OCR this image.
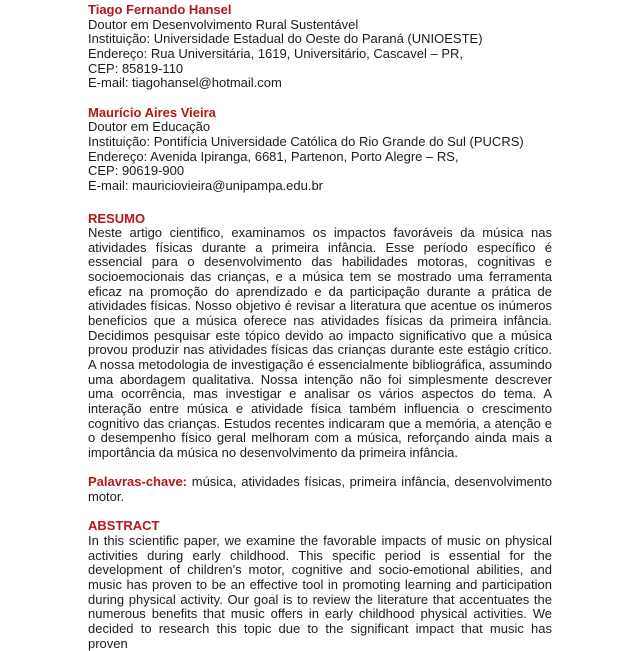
Tiago Fernando Hansel
Doutor em Desenvolvimento Rural Sustentável
Instituição: Universidade Estadual do Oeste do Paraná (UNIOESTE)
Endereço: Rua Universitária, 1619, Universitário, Cascavel – PR,
CEP: 85819-110
E-mail: tiagohansel@hotmail.com
Maurício Aires Vieira
Doutor em Educação
Instituição: Pontifícia Universidade Católica do Rio Grande do Sul (PUCRS)
Endereço: Avenida Ipiranga, 6681, Partenon, Porto Alegre – RS,
CEP: 90619-900
E-mail: mauriciovieira@unipampa.edu.br
RESUMO
Neste artigo cientifico, examinamos os impactos favoráveis da música nas
atividades físicas durante a primeira infância. Esse período específico é
essencial para o desenvolvimento das habilidades motoras, cognitivas e
socioemocionais das crianças, e a música tem se mostrado uma ferramenta
eficaz na promoção do aprendizado e da participação durante a prática de
atividades físicas. Nosso objetivo é revisar a literatura que acentue os inúmeros
benefícios que a música oferece nas atividades físicas da primeira infância.
Decidimos pesquisar este tópico devido ao impacto significativo que a música
provou produzir nas atividades físicas das crianças durante este estágio crítico.
A nossa metodologia de investigação é essencialmente bibliográfica, assumindo
uma abordagem qualitativa. Nossa intenção não foi simplesmente descrever
uma ocorrência, mas investigar e analisar os vários aspectos do tema. A
interação entre música e atividade física também influencia o crescimento
cognitivo das crianças. Estudos recentes indicaram que a memória, a atenção e
o desempenho físico geral melhoram com a música, reforçando ainda mais a
importância da música no desenvolvimento da primeira infância.
Palavras-chave: música, atividades físicas, primeira infância, desenvolvimento
motor.
ABSTRACT
In this scientific paper, we examine the favorable impacts of music on physical
activities during early childhood. This specific period is essential for the
development of children's motor, cognitive and socio-emotional abilities, and
music has proven to be an effective tool in promoting learning and participation
during physical activity. Our goal is to review the literature that accentuates the
numerous benefits that music offers in early childhood physical activities. We
decided to research this topic due to the significant impact that music has proven
